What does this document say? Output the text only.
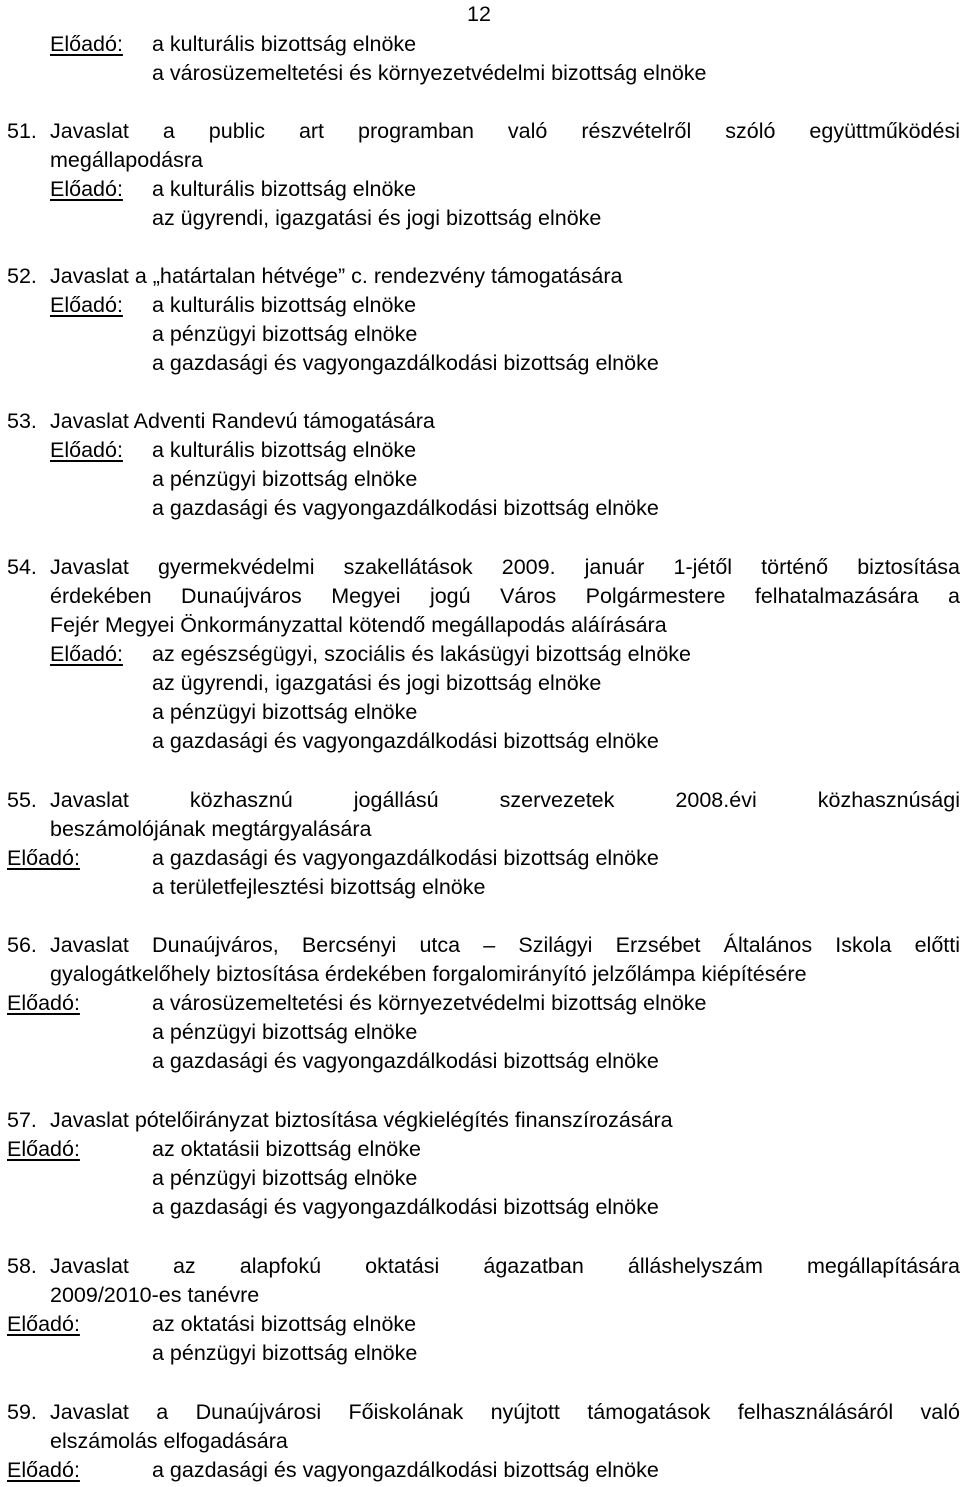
12
Előadó: a kulturális bizottság elnöke
a városüzemeltetési és környezetvédelmi bizottság elnöke
51. Javaslat a public art programban való részvételről szóló együttműködési
megállapodásra
Előadó: a kulturális bizottság elnöke
az ügyrendi, igazgatási és jogi bizottság elnöke
52. Javaslat a „határtalan hétvége” c. rendezvény támogatására
Előadó: a kulturális bizottság elnöke
a pénzügyi bizottság elnöke
a gazdasági és vagyongazdálkodási bizottság elnöke
53. Javaslat Adventi Randevú támogatására
Előadó: a kulturális bizottság elnöke
a pénzügyi bizottság elnöke
a gazdasági és vagyongazdálkodási bizottság elnöke
54. Javaslat gyermekvédelmi szakellátások 2009. január 1-jétől történő biztosítása
érdekében Dunaújváros Megyei jogú Város Polgármestere felhatalmazására a
Fejér Megyei Önkormányzattal kötendő megállapodás aláírására
Előadó: az egészségügyi, szociális és lakásügyi bizottság elnöke
az ügyrendi, igazgatási és jogi bizottság elnöke
a pénzügyi bizottság elnöke
a gazdasági és vagyongazdálkodási bizottság elnöke
55. Javaslat közhasznú jogállású szervezetek 2008.évi közhasznúsági
beszámolójának megtárgyalására
Előadó:	a gazdasági és vagyongazdálkodási bizottság elnöke
a területfejlesztési bizottság elnöke
56. Javaslat Dunaújváros, Bercsényi utca – Szilágyi Erzsébet Általános Iskola előtti
gyalogátkelőhely biztosítása érdekében forgalomirányító jelzőlámpa kiépítésére
Előadó:	a városüzemeltetési és környezetvédelmi bizottság elnöke
a pénzügyi bizottság elnöke
a gazdasági és vagyongazdálkodási bizottság elnöke
57. Javaslat pótelőirányzat biztosítása végkielégítés finanszírozására
Előadó:	az oktatásii bizottság elnöke
a pénzügyi bizottság elnöke
a gazdasági és vagyongazdálkodási bizottság elnöke
58. Javaslat az alapfokú oktatási ágazatban álláshelyszám megállapítására
2009/2010-es tanévre
Előadó:	az oktatási bizottság elnöke
a pénzügyi bizottság elnöke
59. Javaslat a Dunaújvárosi Főiskolának nyújtott támogatások felhasználásáról való
elszámolás elfogadására
Előadó:	a gazdasági és vagyongazdálkodási bizottság elnöke
